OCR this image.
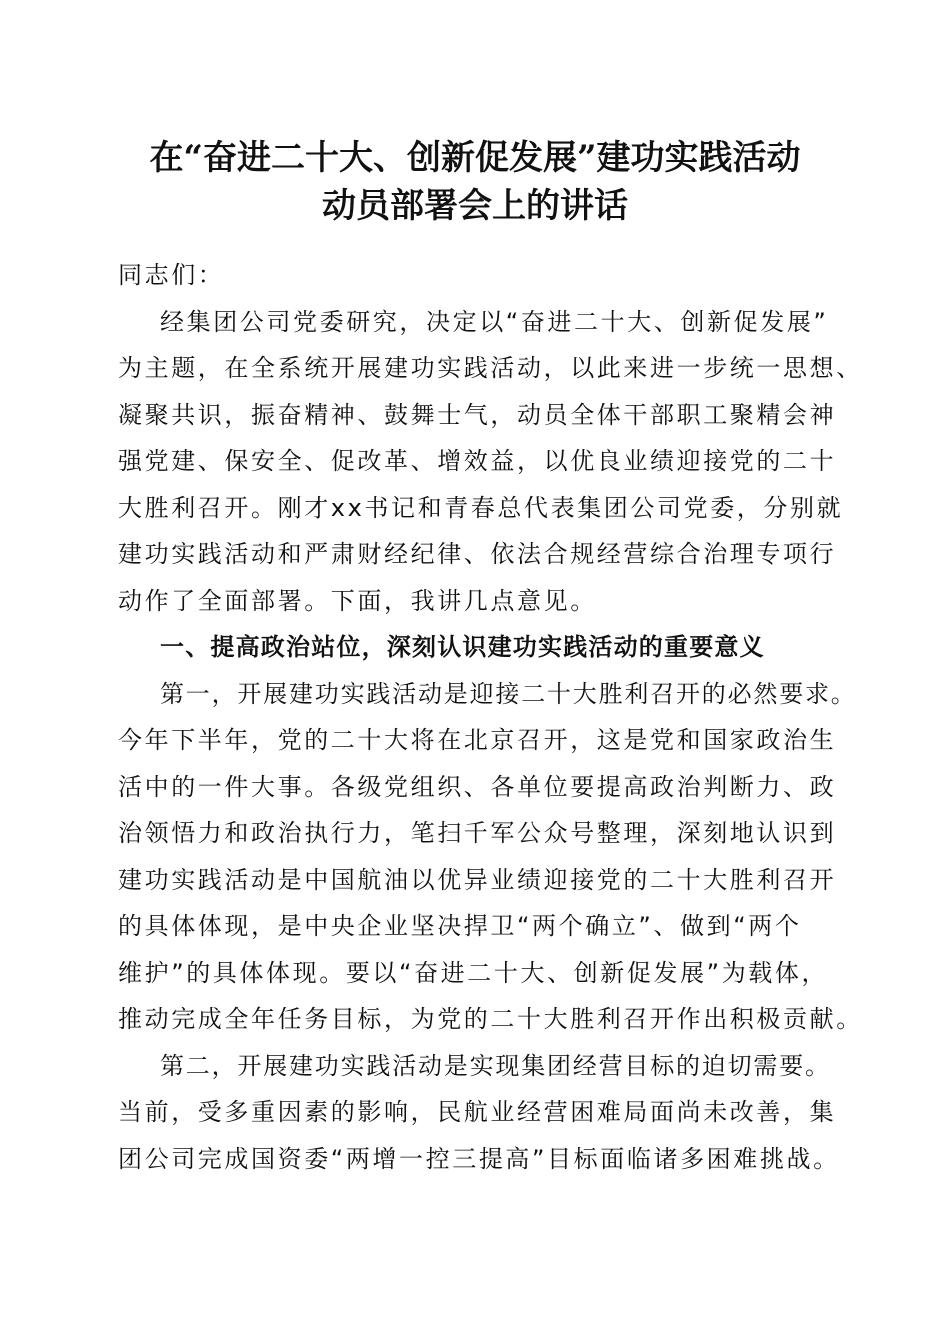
在“奋进二十大、创新促发展”建功实践活动
动员部署会上的讲话
同志们：
经集团公司党委研究，决定以“奋进二十大、创新促发展”
为主题，在全系统开展建功实践活动，以此来进一步统一思想、
凝聚共识，振奋精神、鼓舞士气，动员全体干部职工聚精会神
强党建、保安全、促改革、增效益，以优良业绩迎接党的二十
大胜利召开。刚才xx书记和青春总代表集团公司党委，分别就
建功实践活动和严肃财经纪律、依法合规经营综合治理专项行
动作了全面部署。下面，我讲几点意见。
一、提高政治站位，深刻认识建功实践活动的重要意义
第一，开展建功实践活动是迎接二十大胜利召开的必然要求。
今年下半年，党的二十大将在北京召开，这是党和国家政治生
活中的一件大事。各级党组织、各单位要提高政治判断力、政
治领悟力和政治执行力，笔扫千军公众号整理，深刻地认识到
建功实践活动是中国航油以优异业绩迎接党的二十大胜利召开
的具体体现，是中央企业坚决捍卫“两个确立”、做到“两个
维护”的具体体现。要以“奋进二十大、创新促发展”为载体，
推动完成全年任务目标，为党的二十大胜利召开作出积极贡献。
第二，开展建功实践活动是实现集团经营目标的迫切需要。
当前，受多重因素的影响，民航业经营困难局面尚未改善，集
团公司完成国资委“两增一控三提高”目标面临诸多困难挑战。
